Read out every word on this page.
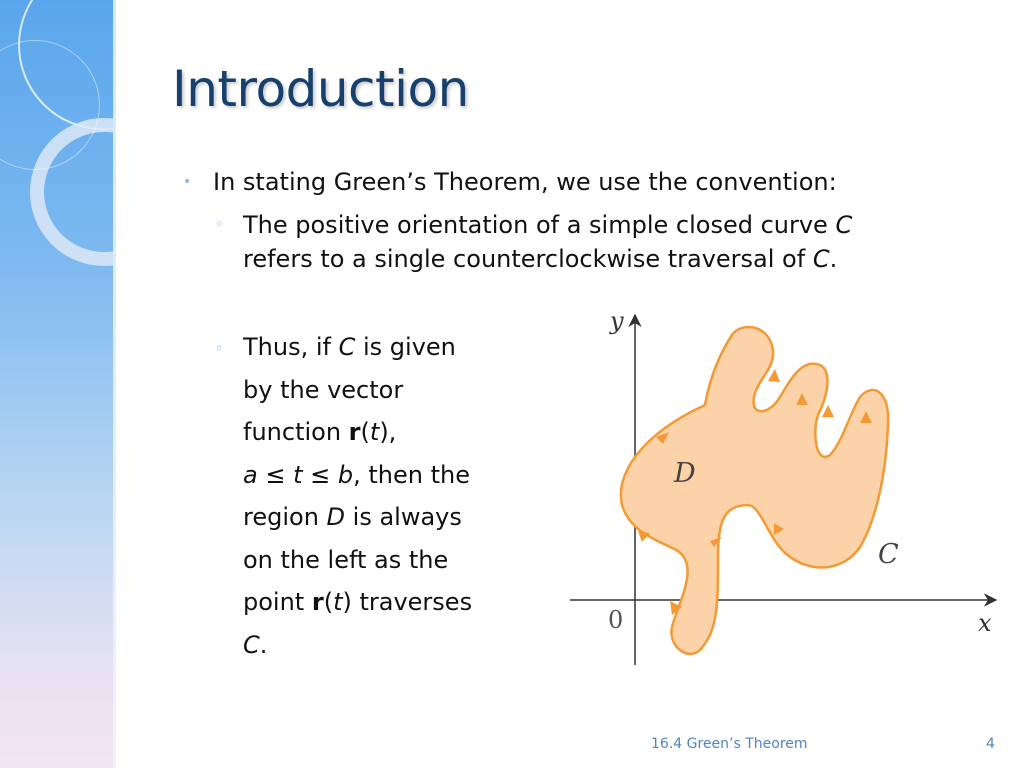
Introduction
• In stating Green’s Theorem, we use the convention:
◦ The positive orientation of a simple closed curve C
refers to a single counterclockwise traversal of C.
◦ Thus, if C is given
by the vector
function r(t),
a ≤ t ≤ b, then the
region D is always
on the left as the
point r(t) traverses
C.
y
x
0
D
C
16.4 Green’s Theorem	4
